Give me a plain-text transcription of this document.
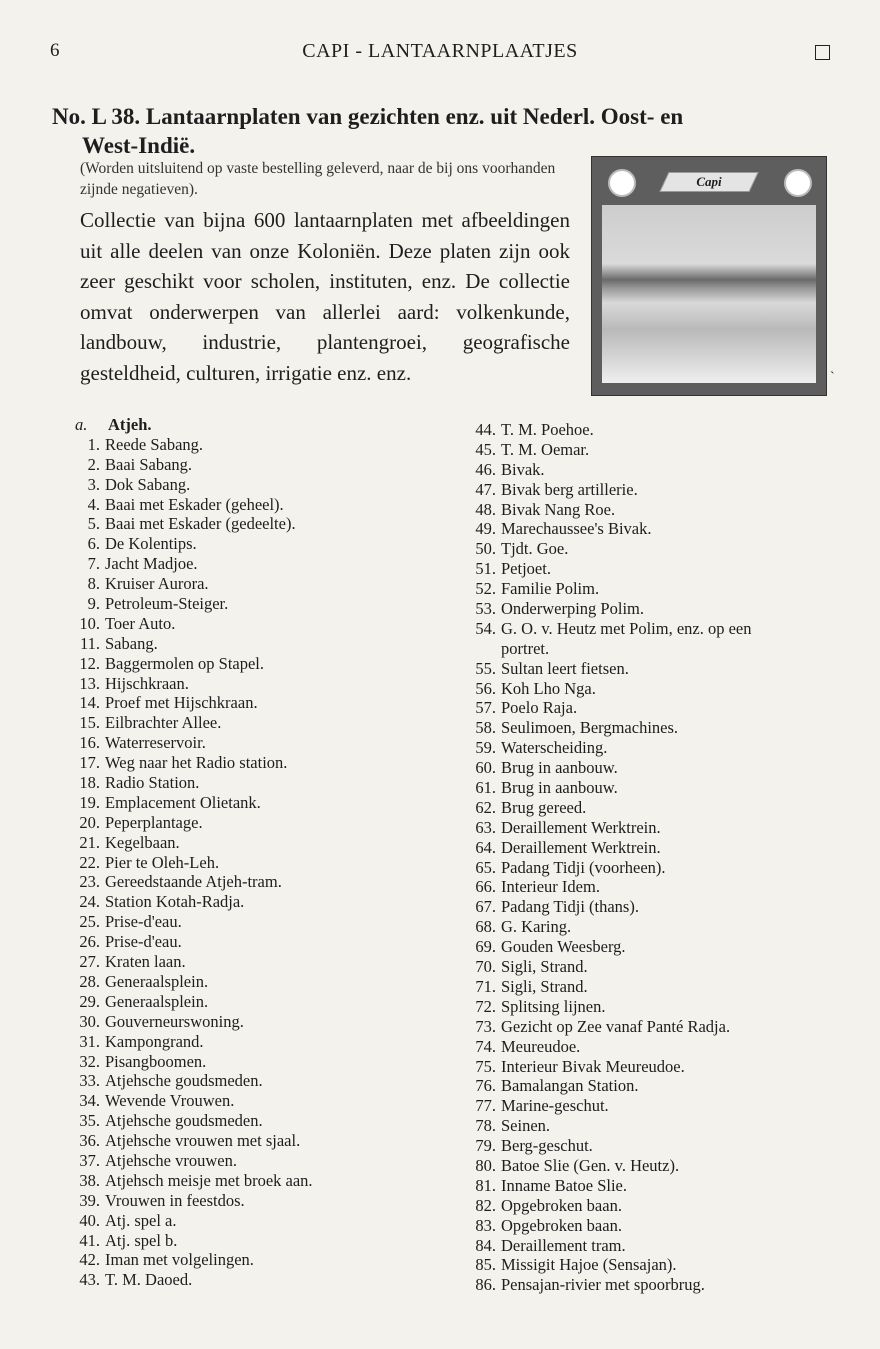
6	CAPI - LANTAARNPLAATJES
No. L 38. Lantaarnplaten van gezichten enz. uit Nederl. Oost- en
West-Indië.
(Worden uitsluitend op vaste bestelling geleverd, naar de bij ons voorhanden zijnde negatieven).
Collectie van bijna 600 lantaarnplaten met afbeeldingen uit alle deelen van onze Koloniën. Deze platen zijn ook zeer geschikt voor scholen, instituten, enz. De collectie omvat onderwerpen van allerlei aard: volkenkunde, landbouw, industrie, plantengroei, geografische gesteldheid, culturen, irrigatie enz. enz.
Capi
˴
a. Atjeh.
1. Reede Sabang.
2. Baai Sabang.
3. Dok Sabang.
4. Baai met Eskader (geheel).
5. Baai met Eskader (gedeelte).
6. De Kolentips.
7. Jacht Madjoe.
8. Kruiser Aurora.
9. Petroleum-Steiger.
10. Toer Auto.
11. Sabang.
12. Baggermolen op Stapel.
13. Hijschkraan.
14. Proef met Hijschkraan.
15. Eilbrachter Allee.
16. Waterreservoir.
17. Weg naar het Radio station.
18. Radio Station.
19. Emplacement Olietank.
20. Peperplantage.
21. Kegelbaan.
22. Pier te Oleh-Leh.
23. Gereedstaande Atjeh-tram.
24. Station Kotah-Radja.
25. Prise-d'eau.
26. Prise-d'eau.
27. Kraten laan.
28. Generaalsplein.
29. Generaalsplein.
30. Gouverneurswoning.
31. Kampongrand.
32. Pisangboomen.
33. Atjehsche goudsmeden.
34. Wevende Vrouwen.
35. Atjehsche goudsmeden.
36. Atjehsche vrouwen met sjaal.
37. Atjehsche vrouwen.
38. Atjehsch meisje met broek aan.
39. Vrouwen in feestdos.
40. Atj. spel a.
41. Atj. spel b.
42. Iman met volgelingen.
43. T. M. Daoed.
44. T. M. Poehoe.
45. T. M. Oemar.
46. Bivak.
47. Bivak berg artillerie.
48. Bivak Nang Roe.
49. Marechaussee's Bivak.
50. Tjdt. Goe.
51. Petjoet.
52. Familie Polim.
53. Onderwerping Polim.
54. G. O. v. Heutz met Polim, enz. op een
portret.
55. Sultan leert fietsen.
56. Koh Lho Nga.
57. Poelo Raja.
58. Seulimoen, Bergmachines.
59. Waterscheiding.
60. Brug in aanbouw.
61. Brug in aanbouw.
62. Brug gereed.
63. Deraillement Werktrein.
64. Deraillement Werktrein.
65. Padang Tidji (voorheen).
66. Interieur Idem.
67. Padang Tidji (thans).
68. G. Karing.
69. Gouden Weesberg.
70. Sigli, Strand.
71. Sigli, Strand.
72. Splitsing lijnen.
73. Gezicht op Zee vanaf Panté Radja.
74. Meureudoe.
75. Interieur Bivak Meureudoe.
76. Bamalangan Station.
77. Marine-geschut.
78. Seinen.
79. Berg-geschut.
80. Batoe Slie (Gen. v. Heutz).
81. Inname Batoe Slie.
82. Opgebroken baan.
83. Opgebroken baan.
84. Deraillement tram.
85. Missigit Hajoe (Sensajan).
86. Pensajan-rivier met spoorbrug.
